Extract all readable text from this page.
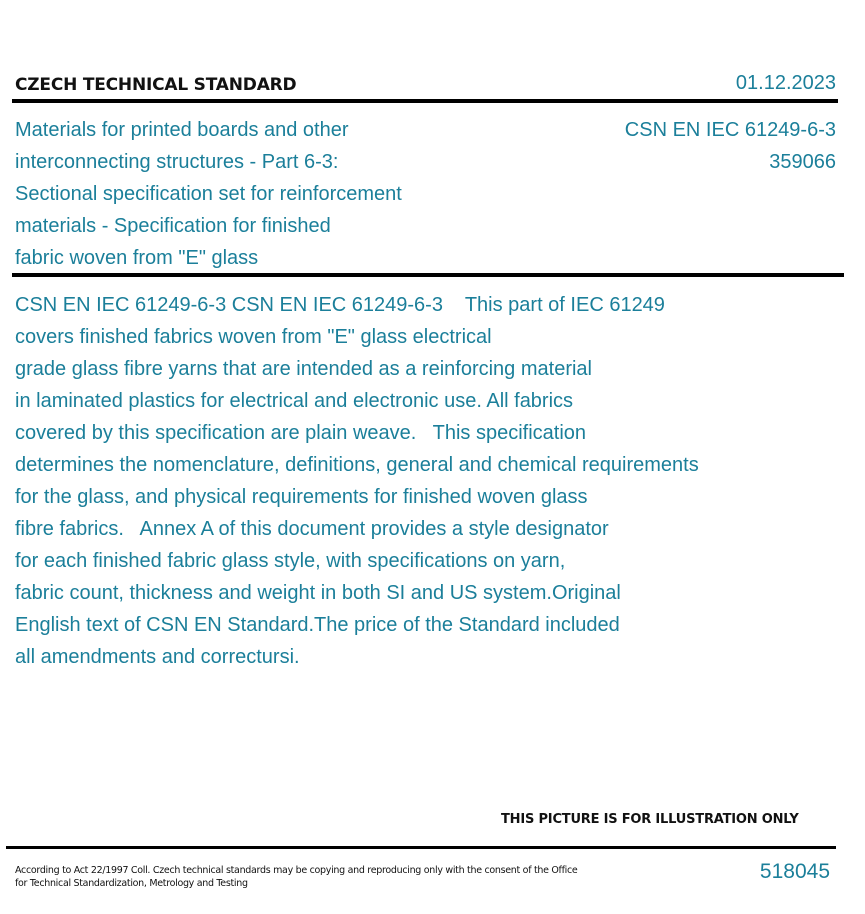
CZECH TECHNICAL STANDARD	01.12.2023
Materials for printed boards and other
interconnecting structures - Part 6-3:
Sectional specification set for reinforcement
materials - Specification for finished
fabric woven from "E" glass
CSN EN IEC 61249-6-3
359066
CSN EN IEC 61249-6-3 CSN EN IEC 61249-6-3    This part of IEC 61249
covers finished fabrics woven from "E" glass electrical
grade glass fibre yarns that are intended as a reinforcing material
in laminated plastics for electrical and electronic use. All fabrics
covered by this specification are plain weave.   This specification
determines the nomenclature, definitions, general and chemical requirements
for the glass, and physical requirements for finished woven glass
fibre fabrics.   Annex A of this document provides a style designator
for each finished fabric glass style, with specifications on yarn,
fabric count, thickness and weight in both SI and US system.Original
English text of CSN EN Standard.The price of the Standard included
all amendments and correctursi.
THIS PICTURE IS FOR ILLUSTRATION ONLY
According to Act 22/1997 Coll. Czech technical standards may be copying and reproducing only with the consent of the Office
for Technical Standardization, Metrology and Testing
518045
